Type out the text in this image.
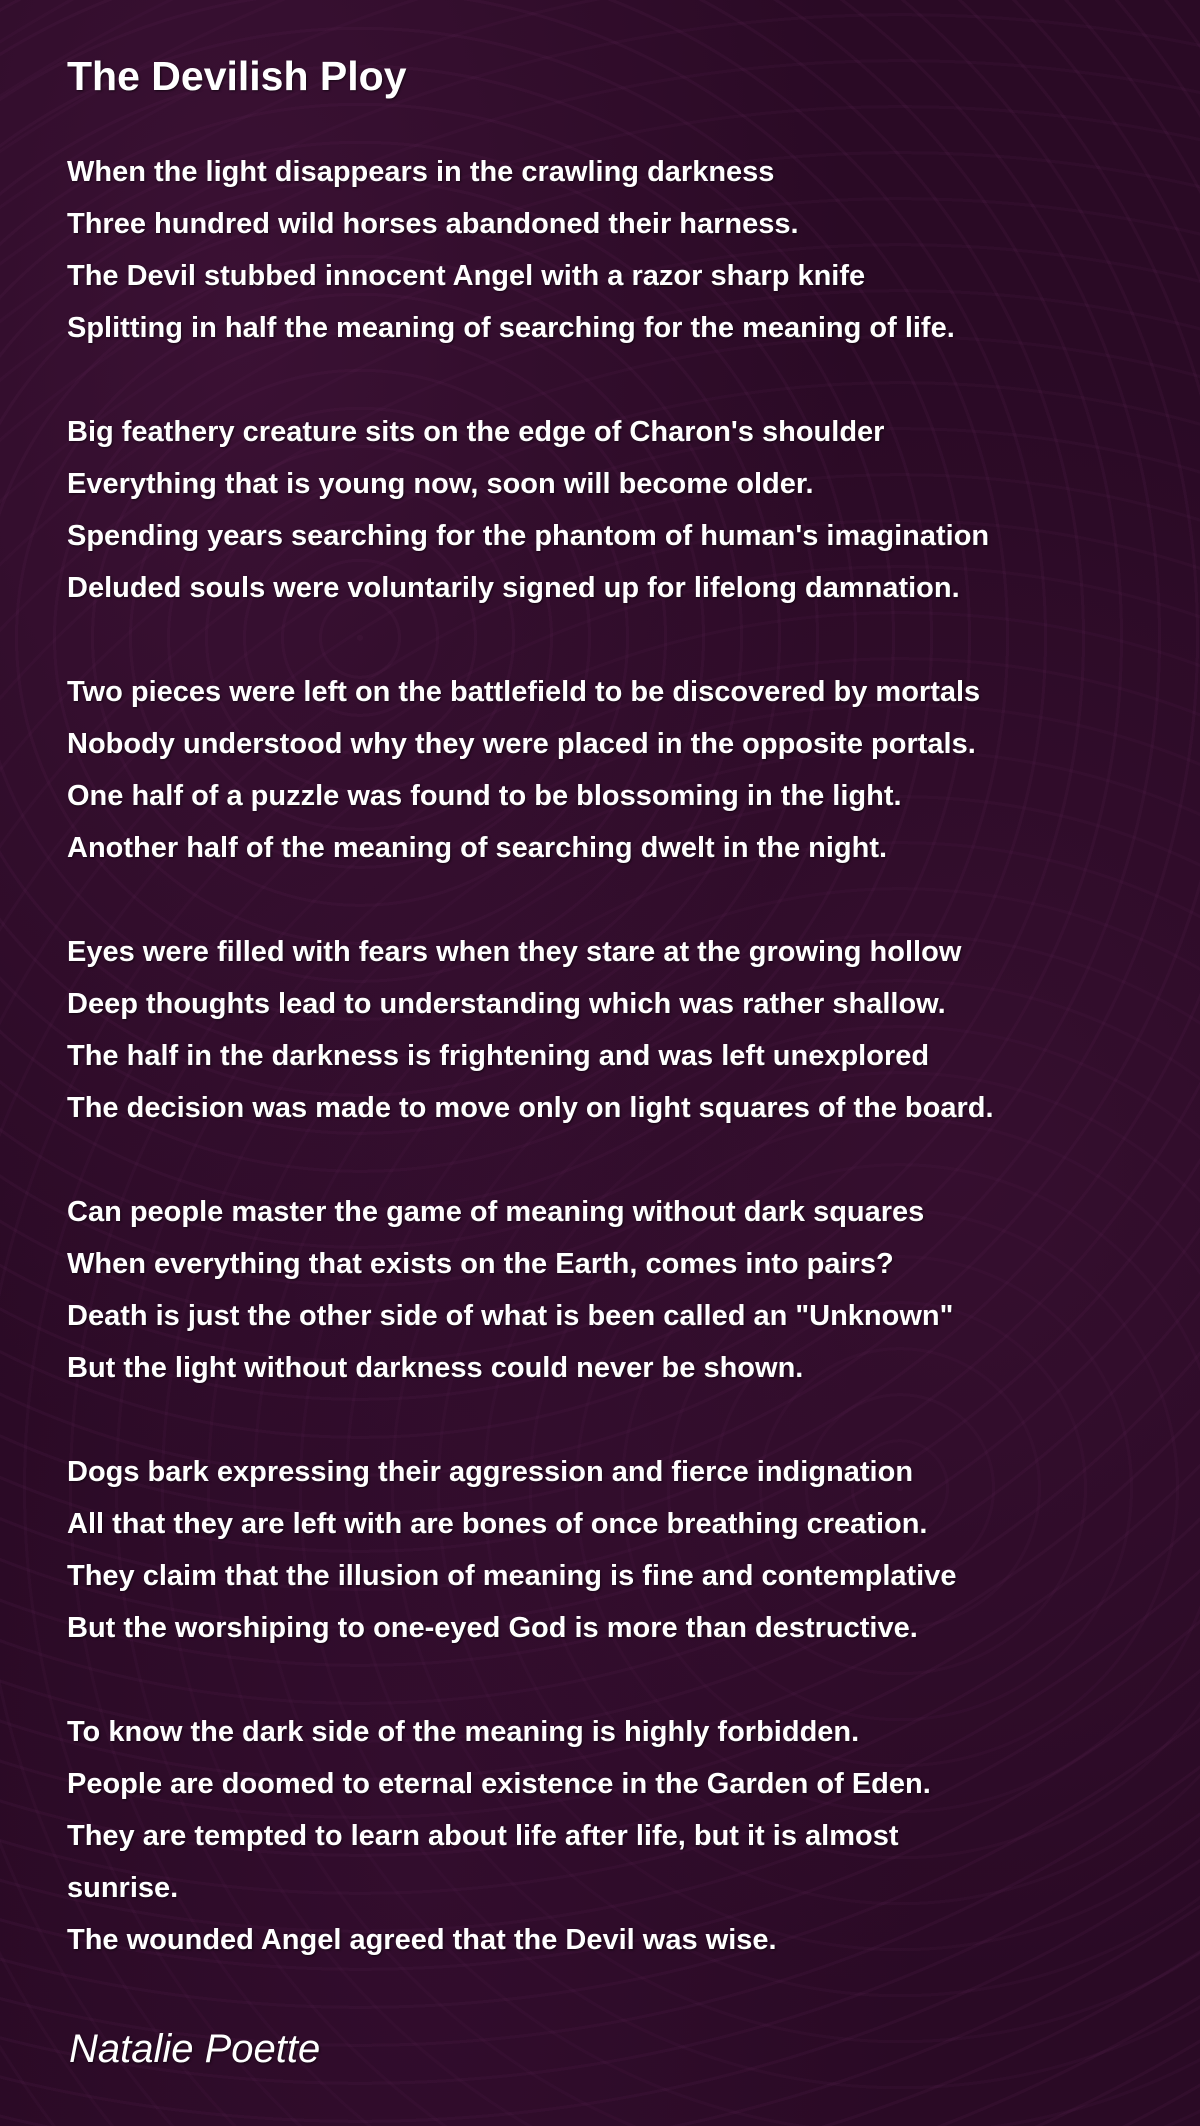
The Devilish Ploy
When the light disappears in the crawling darkness
Three hundred wild horses abandoned their harness.
The Devil stubbed innocent Angel with a razor sharp knife
Splitting in half the meaning of searching for the meaning of life.
Big feathery creature sits on the edge of Charon's shoulder
Everything that is young now, soon will become older.
Spending years searching for the phantom of human's imagination
Deluded souls were voluntarily signed up for lifelong damnation.
Two pieces were left on the battlefield to be discovered by mortals
Nobody understood why they were placed in the opposite portals.
One half of a puzzle was found to be blossoming in the light.
Another half of the meaning of searching dwelt in the night.
Eyes were filled with fears when they stare at the growing hollow
Deep thoughts lead to understanding which was rather shallow.
The half in the darkness is frightening and was left unexplored
The decision was made to move only on light squares of the board.
Can people master the game of meaning without dark squares
When everything that exists on the Earth, comes into pairs?
Death is just the other side of what is been called an "Unknown"
But the light without darkness could never be shown.
Dogs bark expressing their aggression and fierce indignation
All that they are left with are bones of once breathing creation.
They claim that the illusion of meaning is fine and contemplative
But the worshiping to one-eyed God is more than destructive.
To know the dark side of the meaning is highly forbidden.
People are doomed to eternal existence in the Garden of Eden.
They are tempted to learn about life after life, but it is almost
sunrise.
The wounded Angel agreed that the Devil was wise.
Natalie Poette
